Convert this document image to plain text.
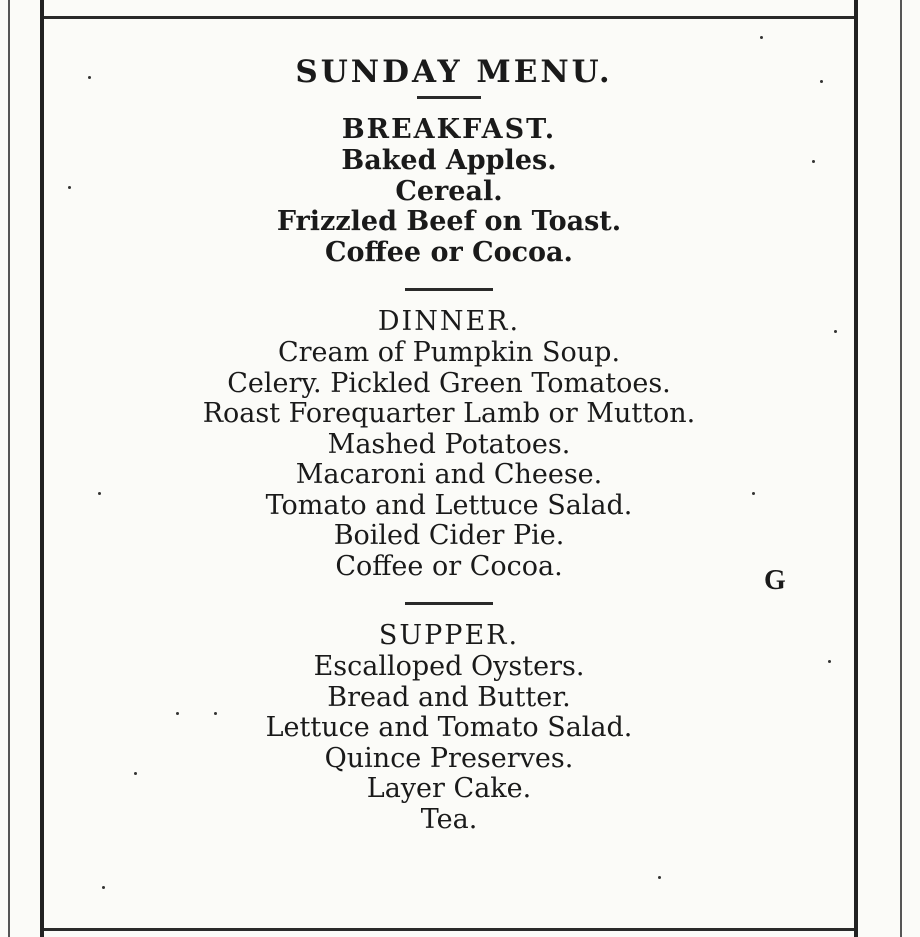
SUNDAY MENU.

BREAKFAST.

Baked Apples.

Cereal.

Frizzled Beef on Toast.

Coffee or Cocoa.

DINNER.

Cream of Pumpkin Soup.

Celery. Pickled Green Tomatoes.

Roast Forequarter Lamb or Mutton.

Mashed Potatoes.

Macaroni and Cheese.

Tomato and Lettuce Salad.

Boiled Cider Pie.

Coffee or Cocoa.

SUPPER.

Escalloped Oysters.

Bread and Butter.

Lettuce and Tomato Salad.

Quince Preserves.

Layer Cake.

Tea.

G
